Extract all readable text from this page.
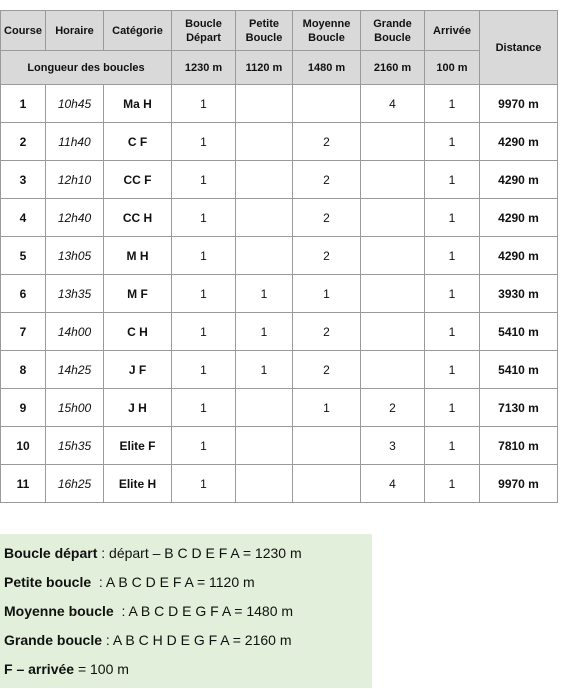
Course	Horaire	Catégorie	Boucle Départ	Petite Boucle	Moyenne Boucle	Grande Boucle	Arrivée	Distance
Longueur des boucles			1230 m	1120 m	1480 m	2160 m	100 m	
1	10h45	Ma H	1			4	1	9970 m
2	11h40	C F	1		2		1	4290 m
3	12h10	CC F	1		2		1	4290 m
4	12h40	CC H	1		2		1	4290 m
5	13h05	M H	1		2		1	4290 m
6	13h35	M F	1	1	1		1	3930 m
7	14h00	C H	1	1	2		1	5410 m
8	14h25	J F	1	1	2		1	5410 m
9	15h00	J H	1		1	2	1	7130 m
10	15h35	Elite F	1			3	1	7810 m
11	16h25	Elite H	1			4	1	9970 m
Boucle départ : départ – B C D E F A = 1230 m
Petite boucle  : A B C D E F A = 1120 m
Moyenne boucle  : A B C D E G F A = 1480 m
Grande boucle : A B C H D E G F A = 2160 m
F – arrivée = 100 m
